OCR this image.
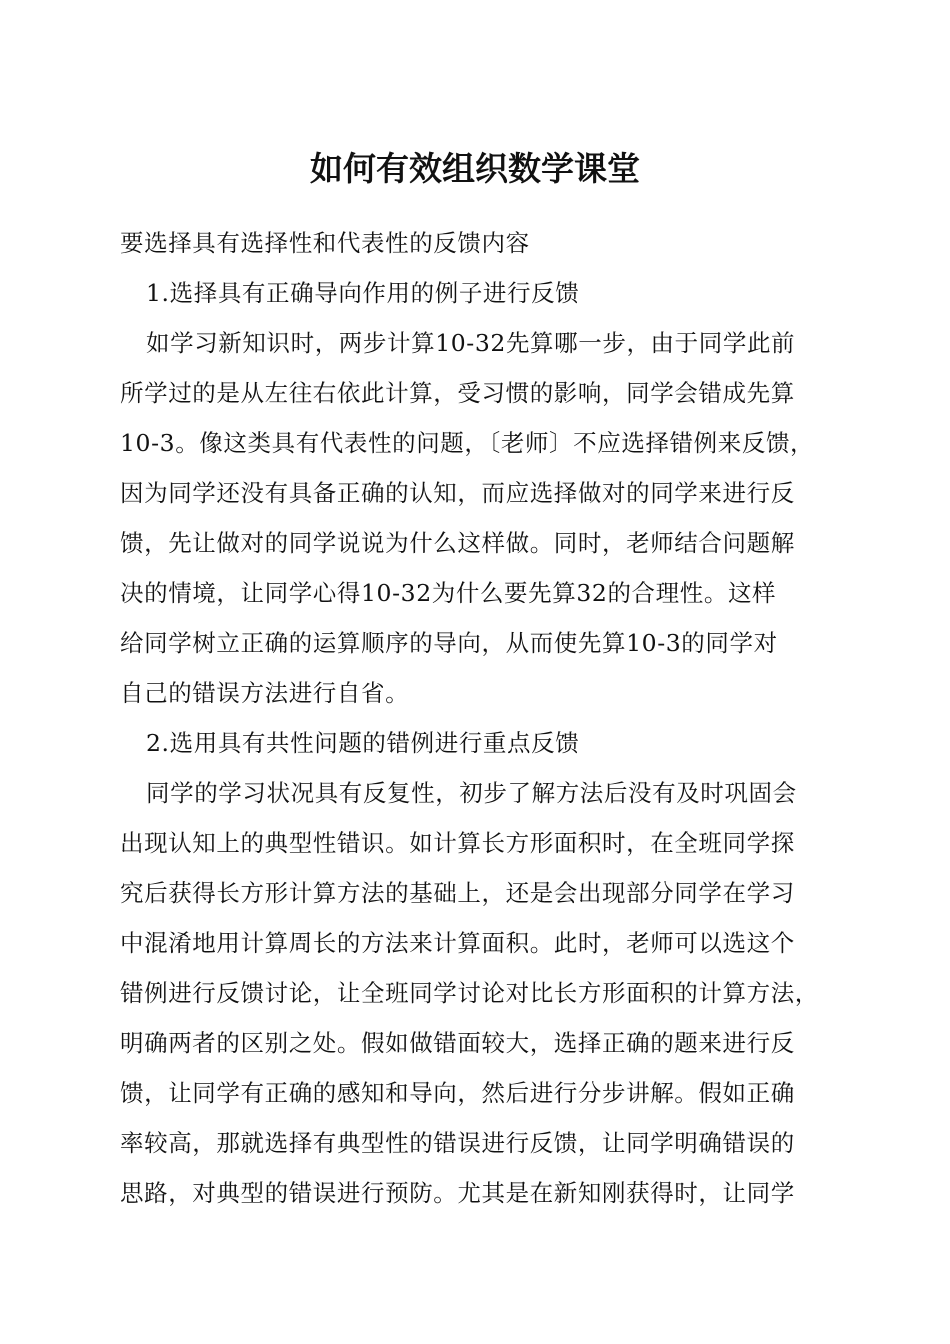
如何有效组织数学课堂
要选择具有选择性和代表性的反馈内容
1.选择具有正确导向作用的例子进行反馈
如学习新知识时，两步计算10-32先算哪一步，由于同学此前
所学过的是从左往右依此计算，受习惯的影响，同学会错成先算
10-3。像这类具有代表性的问题，〔老师〕不应选择错例来反馈，
因为同学还没有具备正确的认知，而应选择做对的同学来进行反
馈，先让做对的同学说说为什么这样做。同时，老师结合问题解
决的情境，让同学心得10-32为什么要先算32的合理性。这样
给同学树立正确的运算顺序的导向，从而使先算10-3的同学对
自己的错误方法进行自省。
2.选用具有共性问题的错例进行重点反馈
同学的学习状况具有反复性，初步了解方法后没有及时巩固会
出现认知上的典型性错识。如计算长方形面积时，在全班同学探
究后获得长方形计算方法的基础上，还是会出现部分同学在学习
中混淆地用计算周长的方法来计算面积。此时，老师可以选这个
错例进行反馈讨论，让全班同学讨论对比长方形面积的计算方法，
明确两者的区别之处。假如做错面较大，选择正确的题来进行反
馈，让同学有正确的感知和导向，然后进行分步讲解。假如正确
率较高，那就选择有典型性的错误进行反馈，让同学明确错误的
思路，对典型的错误进行预防。尤其是在新知刚获得时，让同学
